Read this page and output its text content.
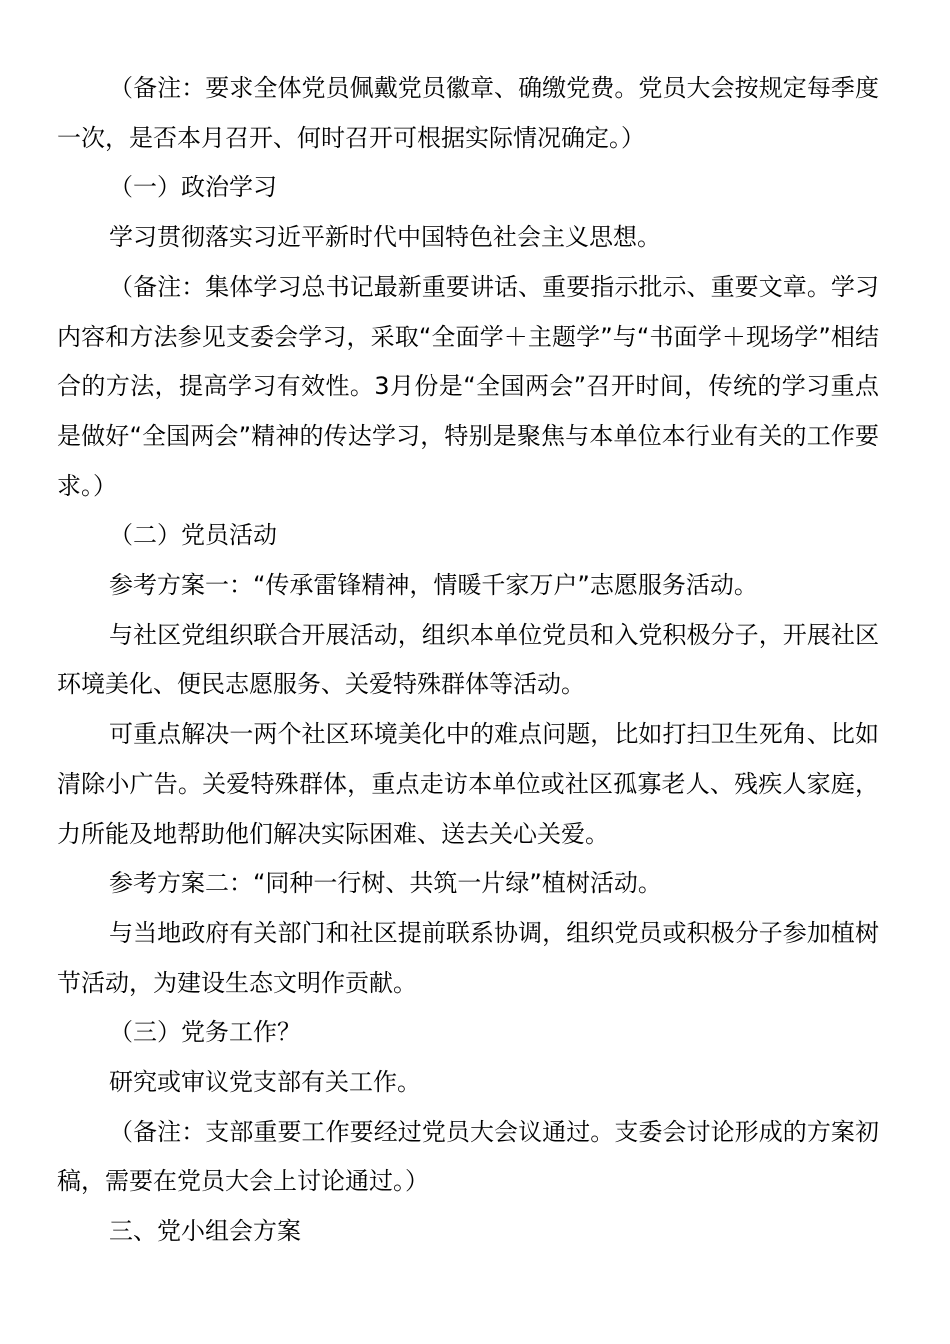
（备注：要求全体党员佩戴党员徽章、确缴党费。党员大会按规定每季度一次，是否本月召开、何时召开可根据实际情况确定。）

（一）政治学习

学习贯彻落实习近平新时代中国特色社会主义思想。

（备注：集体学习总书记最新重要讲话、重要指示批示、重要文章。学习内容和方法参见支委会学习，采取“全面学＋主题学”与“书面学＋现场学”相结合的方法，提高学习有效性。3月份是“全国两会”召开时间，传统的学习重点是做好“全国两会”精神的传达学习，特别是聚焦与本单位本行业有关的工作要求。）

（二）党员活动

参考方案一：“传承雷锋精神，情暖千家万户”志愿服务活动。

与社区党组织联合开展活动，组织本单位党员和入党积极分子，开展社区环境美化、便民志愿服务、关爱特殊群体等活动。

可重点解决一两个社区环境美化中的难点问题，比如打扫卫生死角、比如清除小广告。关爱特殊群体，重点走访本单位或社区孤寡老人、残疾人家庭，力所能及地帮助他们解决实际困难、送去关心关爱。

参考方案二：“同种一行树、共筑一片绿”植树活动。

与当地政府有关部门和社区提前联系协调，组织党员或积极分子参加植树节活动，为建设生态文明作贡献。

（三）党务工作？

研究或审议党支部有关工作。

（备注：支部重要工作要经过党员大会议通过。支委会讨论形成的方案初稿，需要在党员大会上讨论通过。）

三、党小组会方案
